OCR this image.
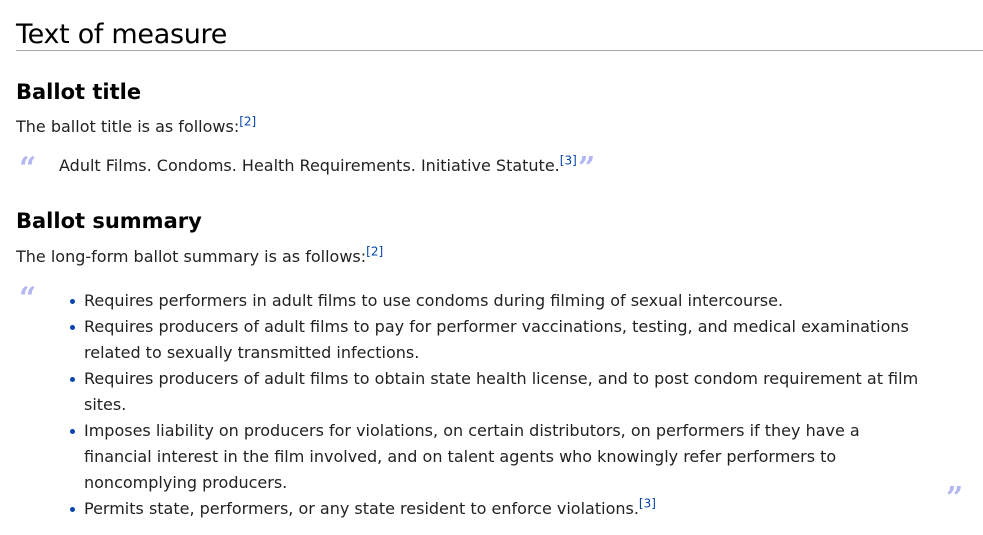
Text of measure
Ballot title

The ballot title is as follows:[2]

“ Adult Films. Condoms. Health Requirements. Initiative Statute.[3] ”
Ballot summary

The long-form ballot summary is as follows:[2]

“	Requires performers in adult films to use condoms during filming of sexual intercourse.
Requires producers of adult films to pay for performer vaccinations, testing, and medical examinations related to sexually transmitted infections.
Requires producers of adult films to obtain state health license, and to post condom requirement at film sites.
Imposes liability on producers for violations, on certain distributors, on performers if they have a financial interest in the film involved, and on talent agents who knowingly refer performers to noncomplying producers.
Permits state, performers, or any state resident to enforce violations.[3]	”
